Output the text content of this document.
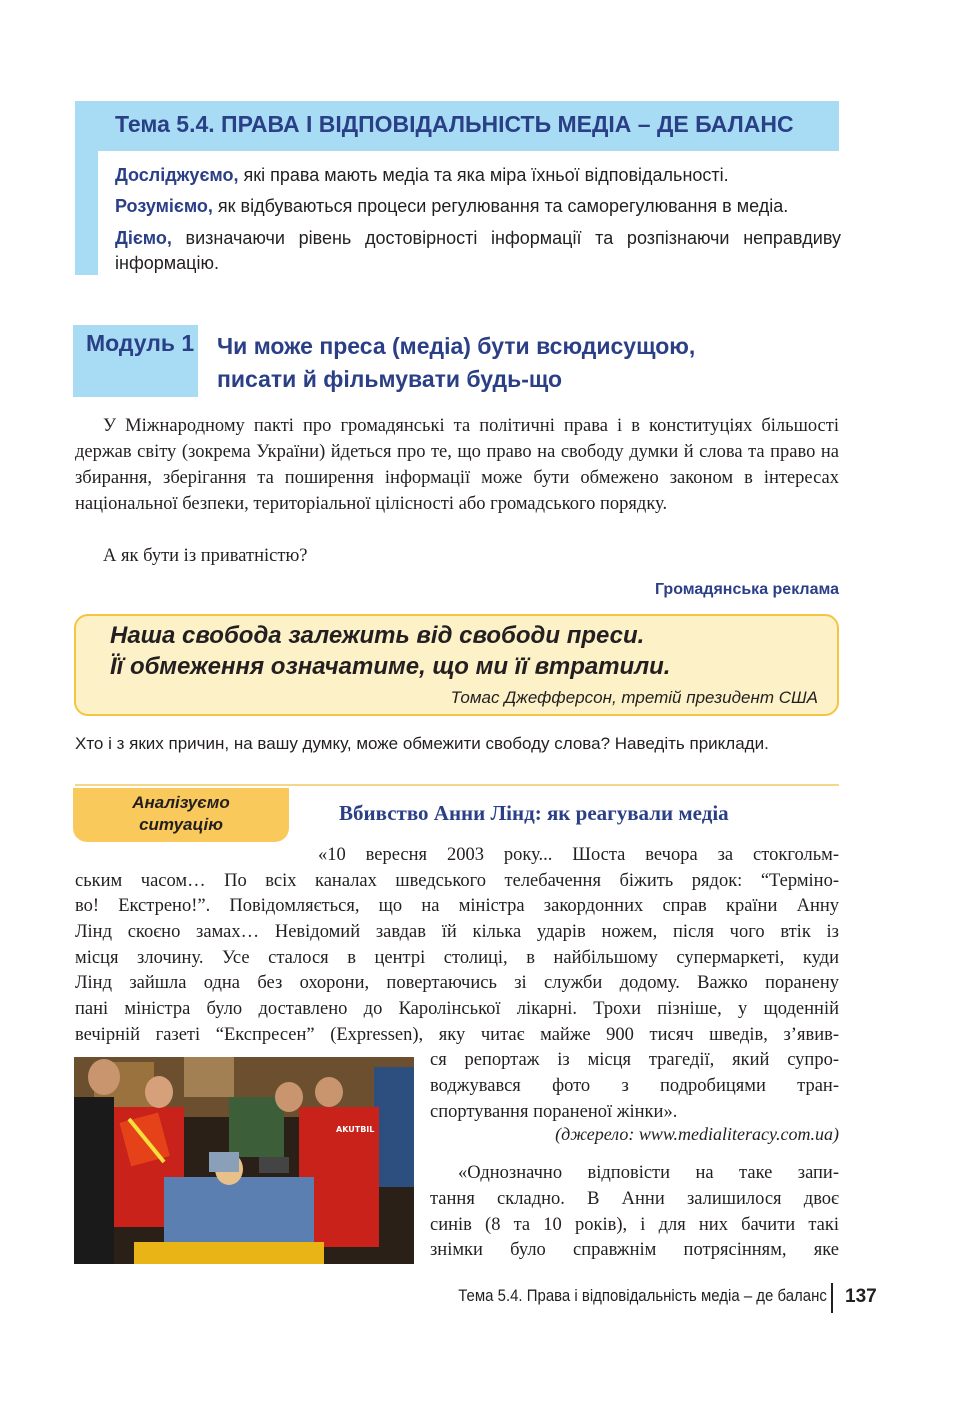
Тема 5.4. ПРАВА І ВІДПОВІДАЛЬНІСТЬ МЕДІА – ДЕ БАЛАНС
Досліджуємо, які права мають медіа та яка міра їхньої відповідальності.
Розуміємо, як відбуваються процеси регулювання та саморегулювання в медіа.
Діємо, визначаючи рівень достовірності інформації та розпізнаючи неправдиву інформацію.
Модуль 1 Чи може преса (медіа) бути всюдисущою, писати й фільмувати будь-що
У Міжнародному пакті про громадянські та політичні права і в конституціях більшості держав світу (зокрема України) йдеться про те, що право на свободу думки й слова та право на збирання, зберігання та поширення інформації може бути обмежено законом в інтересах національної безпеки, територіальної цілісності або громадського порядку.
А як бути із приватністю?
Громадянська реклама
Наша свобода залежить від свободи преси.
Її обмеження означатиме, що ми її втратили.
Томас Джефферсон, третій президент США
Хто і з яких причин, на вашу думку, може обмежити свободу слова? Наведіть приклади.
Аналізуємо
ситуацію	Вбивство Анни Лінд: як реагували медіа
«10 вересня 2003 року... Шоста вечора за стокгольм-
ським часом… По всіх каналах шведського телебачення біжить рядок: “Терміно-
во! Екстрено!”. Повідомляється, що на міністра закордонних справ країни Анну
Лінд скоєно замах… Невідомий завдав їй кілька ударів ножем, після чого втік із
місця злочину. Усе сталося в центрі столиці, в найбільшому супермаркеті, куди
Лінд зайшла одна без охорони, повертаючись зі служби додому. Важко поранену
пані міністра було доставлено до Каролінської лікарні. Трохи пізніше, у щоденній
вечірній газеті “Експресен” (Expressen), яку читає майже 900 тисяч шведів, з’явив-
ся репортаж із місця трагедії, який супро-
воджувався фото з подробицями тран-
спортування пораненої жінки».
(джерело: www.medialiteracy.com.ua)
«Однозначно відповісти на таке запи-
тання складно. В Анни залишилося двоє
синів (8 та 10 років), і для них бачити такі
знімки було справжнім потрясінням, яке
AKUTBIL
Тема 5.4. Права і відповідальність медіа – де баланс 137
